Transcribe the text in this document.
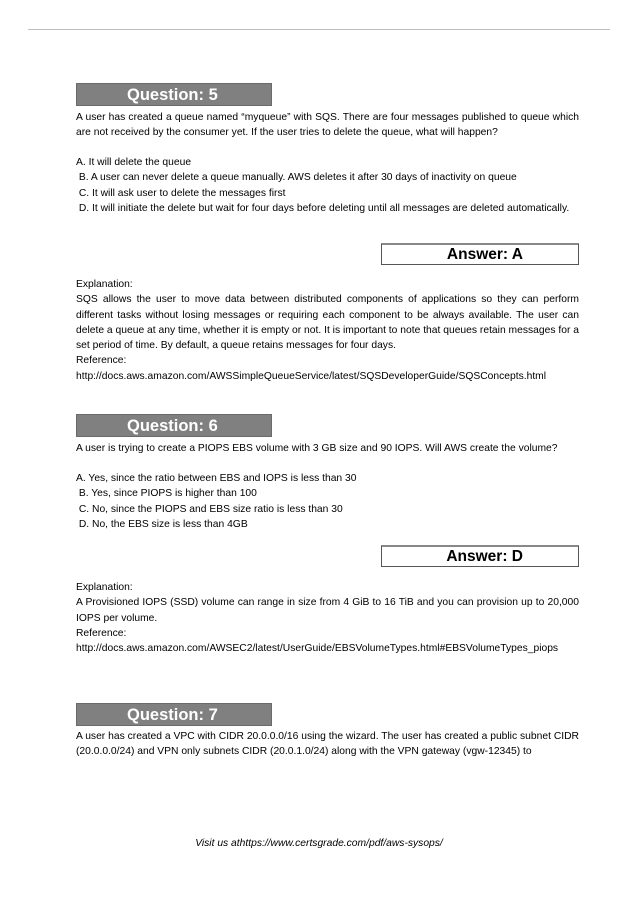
Question: 5
A user has created a queue named “myqueue” with SQS. There are four messages published to queue which are not received by the consumer yet. If the user tries to delete the queue, what will happen?
A. It will delete the queue
B. A user can never delete a queue manually. AWS deletes it after 30 days of inactivity on queue
C. It will ask user to delete the messages first
D. It will initiate the delete but wait for four days before deleting until all messages are deleted automatically.
Answer: A
Explanation:
SQS allows the user to move data between distributed components of applications so they can perform different tasks without losing messages or requiring each component to be always available. The user can delete a queue at any time, whether it is empty or not. It is important to note that queues retain messages for a set period of time. By default, a queue retains messages for four days.
Reference:
http://docs.aws.amazon.com/AWSSimpleQueueService/latest/SQSDeveloperGuide/SQSConcepts.html
Question: 6
A user is trying to create a PIOPS EBS volume with 3 GB size and 90 IOPS. Will AWS create the volume?
A. Yes, since the ratio between EBS and IOPS is less than 30
B. Yes, since PIOPS is higher than 100
C. No, since the PIOPS and EBS size ratio is less than 30
D. No, the EBS size is less than 4GB
Answer: D
Explanation:
A Provisioned IOPS (SSD) volume can range in size from 4 GiB to 16 TiB and you can provision up to 20,000 IOPS per volume.
Reference:
http://docs.aws.amazon.com/AWSEC2/latest/UserGuide/EBSVolumeTypes.html#EBSVolumeTypes_piops
Question: 7
A user has created a VPC with CIDR 20.0.0.0/16 using the wizard. The user has created a public subnet CIDR (20.0.0.0/24) and VPN only subnets CIDR (20.0.1.0/24) along with the VPN gateway (vgw-12345) to
Visit us athttps://www.certsgrade.com/pdf/aws-sysops/
